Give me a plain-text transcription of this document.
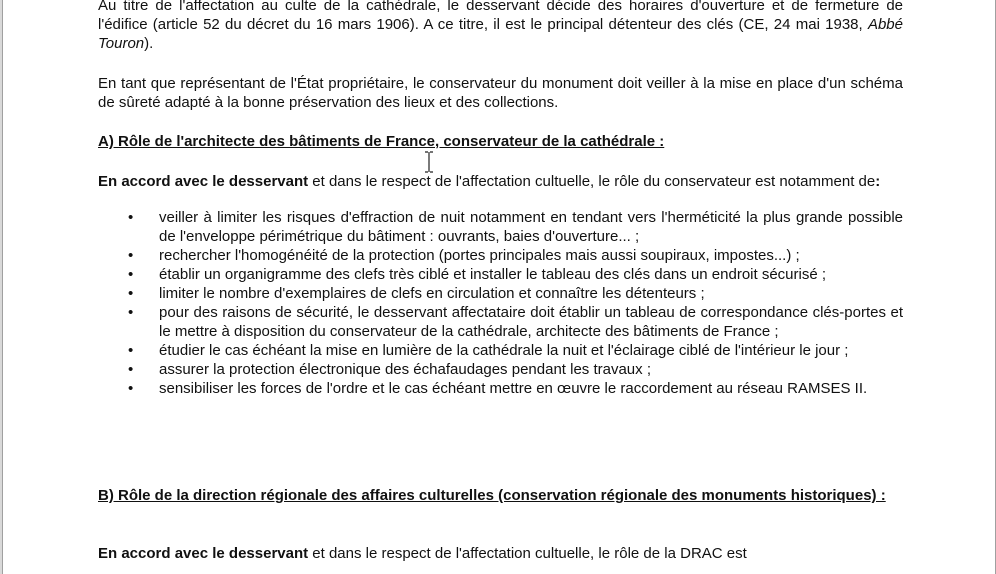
Au titre de l'affectation au culte de la cathédrale, le desservant décide des horaires d'ouverture et de fermeture de l'édifice (article 52 du décret du 16 mars 1906). A ce titre, il est le principal détenteur des clés (CE, 24 mai 1938, Abbé Touron).

En tant que représentant de l'État propriétaire, le conservateur du monument doit veiller à la mise en place d'un schéma de sûreté adapté à la bonne préservation des lieux et des collections.

A) Rôle de l'architecte des bâtiments de France, conservateur de la cathédrale :

En accord avec le desservant et dans le respect de l'affectation cultuelle, le rôle du conservateur est notamment de:

• veiller à limiter les risques d'effraction de nuit notamment en tendant vers l'herméticité la plus grande possible de l'enveloppe périmétrique du bâtiment : ouvrants, baies d'ouverture... ;
• rechercher l'homogénéité de la protection (portes principales mais aussi soupiraux, impostes...) ;
• établir un organigramme des clefs très ciblé et installer le tableau des clés dans un endroit sécurisé ;
• limiter le nombre d'exemplaires de clefs en circulation et connaître les détenteurs ;
• pour des raisons de sécurité, le desservant affectataire doit établir un tableau de correspondance clés-portes et le mettre à disposition du conservateur de la cathédrale, architecte des bâtiments de France ;
• étudier le cas échéant la mise en lumière de la cathédrale la nuit et l'éclairage ciblé de l'intérieur le jour ;
• assurer la protection électronique des échafaudages pendant les travaux ;
• sensibiliser les forces de l'ordre et le cas échéant mettre en œuvre le raccordement au réseau RAMSES II.
B) Rôle de la direction régionale des affaires culturelles (conservation régionale des monuments historiques) :

En accord avec le desservant et dans le respect de l'affectation cultuelle, le rôle de la DRAC est
